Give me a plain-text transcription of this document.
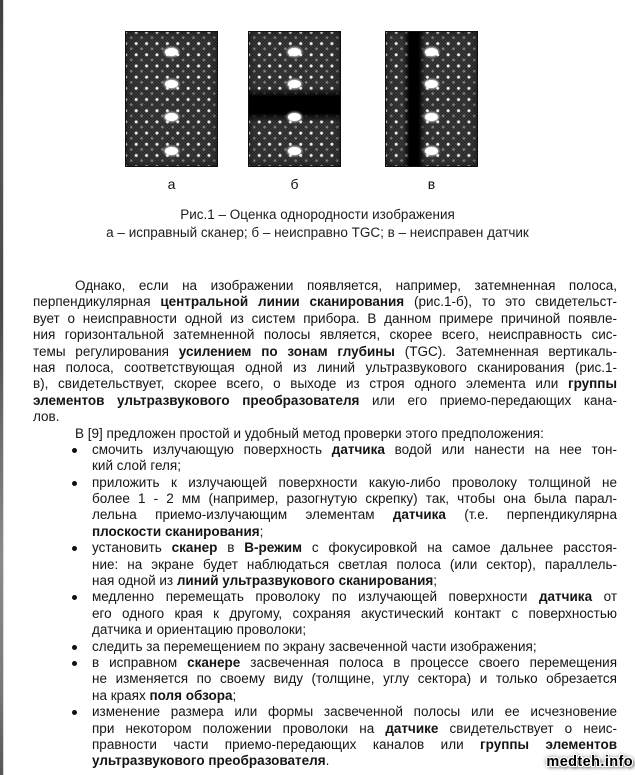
а	б	в
Рис.1 – Оценка однородности изображения
а – исправный сканер; б – неисправно TGC; в – неисправен датчик
Однако, если на изображении появляется, например, затемненная полоса,
перпендикулярная центральной линии сканирования (рис.1-б), то это свидетельст-
вует о неисправности одной из систем прибора. В данном примере причиной появле-
ния горизонтальной затемненной полосы является, скорее всего, неисправность сис-
темы регулирования усилением по зонам глубины (TGC). Затемненная вертикаль-
ная полоса, соответствующая одной из линий ультразвукового сканирования (рис.1-
в), свидетельствует, скорее всего, о выходе из строя одного элемента или группы
элементов ультразвукового преобразователя или его приемо-передающих кана-
лов.
В [9] предложен простой и удобный метод проверки этого предположения:
смочить излучающую поверхность датчика водой или нанести на нее тон-
кий слой геля;
приложить к излучающей поверхности какую-либо проволоку толщиной не
более 1 - 2 мм (например, разогнутую скрепку) так, чтобы она была парал-
лельна приемо-излучающим элементам датчика (т.е. перпендикулярна
плоскости сканирования;
установить сканер в В-режим с фокусировкой на самое дальнее расстоя-
ние: на экране будет наблюдаться светлая полоса (или сектор), параллель-
ная одной из линий ультразвукового сканирования;
медленно перемещать проволоку по излучающей поверхности датчика от
его одного края к другому, сохраняя акустический контакт с поверхностью
датчика и ориентацию проволоки;
следить за перемещением по экрану засвеченной части изображения;
в исправном сканере засвеченная полоса в процессе своего перемещения
не изменяется по своему виду (толщине, углу сектора) и только обрезается
на краях поля обзора;
изменение размера или формы засвеченной полосы или ее исчезновение
при некотором положении проволоки на датчике свидетельствует о неис-
правности части приемо-передающих каналов или группы элементов
ультразвукового преобразователя.	medteh.info
